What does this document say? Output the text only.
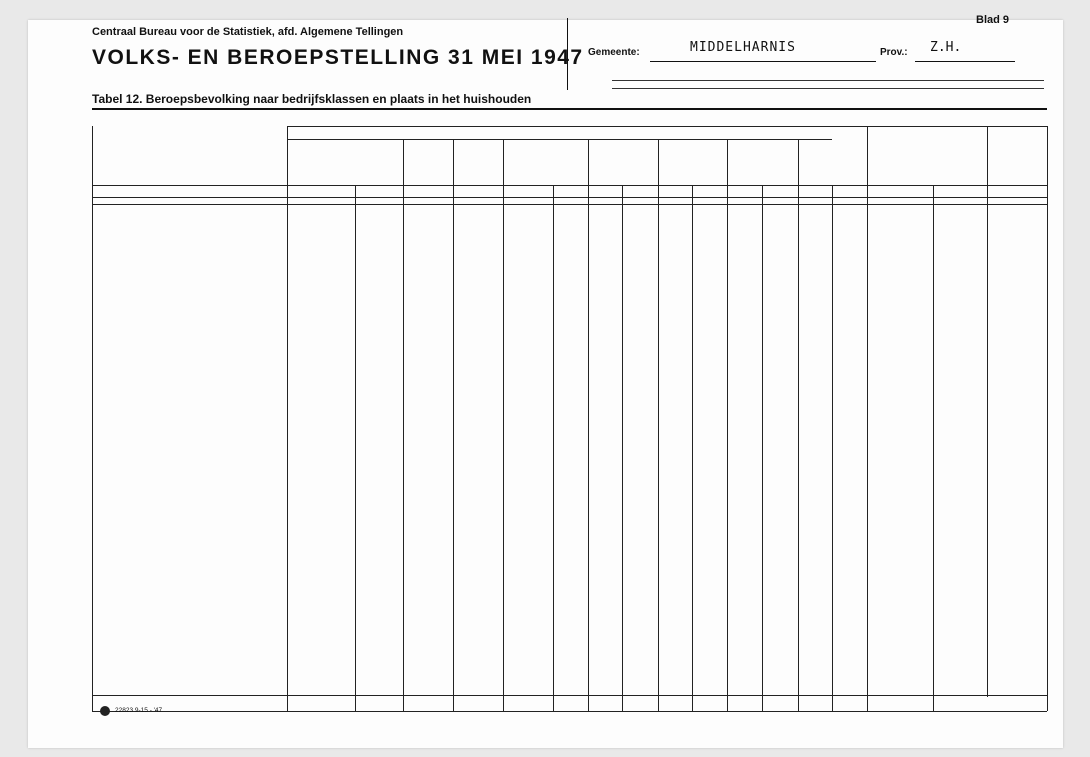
Centraal Bureau voor de Statistiek, afd. Algemene Tellingen
VOLKS- EN BEROEPSTELLING 31 MEI 1947
Blad 9
Gemeente:	MIDDELHARNIS	Prov.: Z.H.
Tabel 12. Beroepsbevolking naar bedrijfsklassen en plaats in het huishouden
22823 9-15 - '47
